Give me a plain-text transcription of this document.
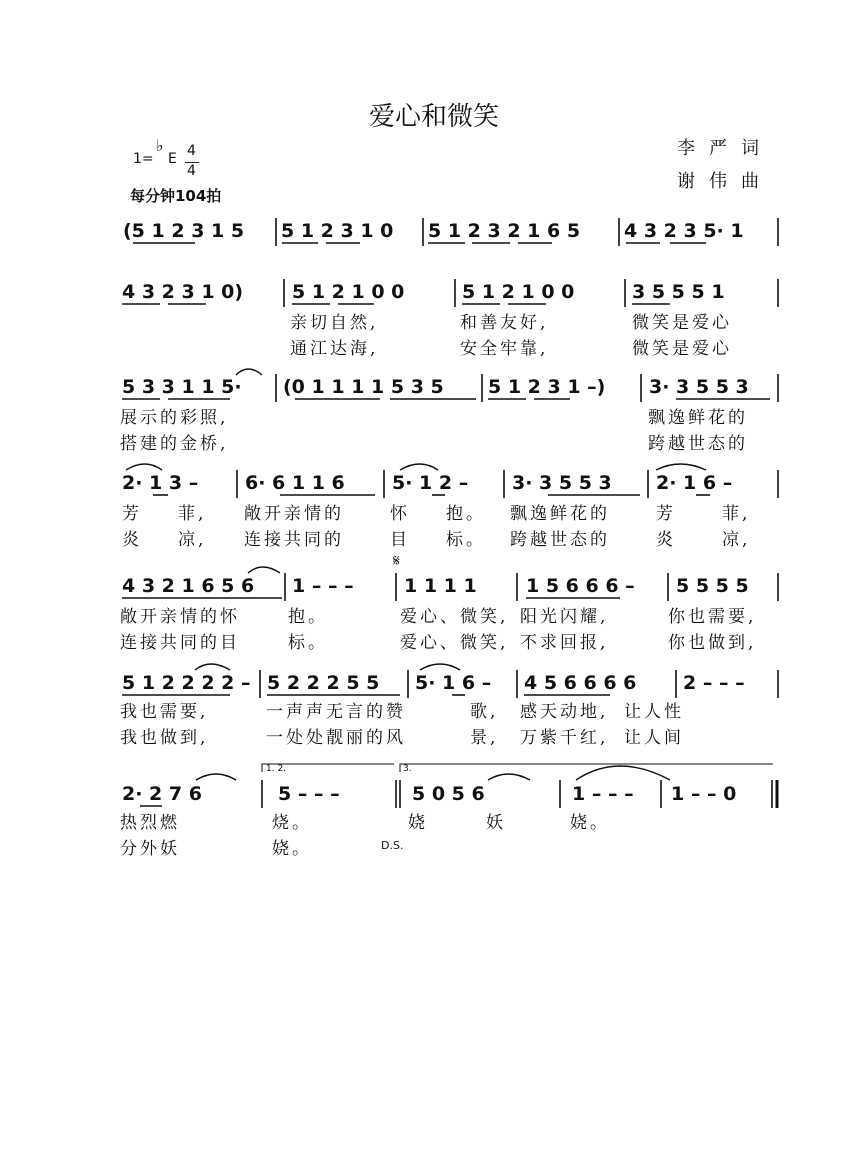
爱心和微笑
李严词
谢伟曲
1=
♭
E 4
4
每分钟104拍
(5 1 2 3 1 5 5 1 2 3 1 0 5 1 2 3 2 1 6 5 4 3 2 3 5· 1
4 3 2 3 1 0)	5 1 2 1 0 0	5 1 2 1 0 0	3 5 5 5 1
5 3 3 1 1 5· (0 1 1 1 1 5 3 5 5 1 2 3 1 –) 3· 3 5 5 3
2· 1 3 – 6· 6 1 1 6 5· 1 2 – 3· 3 5 5 3 2· 1 6 –
4 3 2 1 6 5 6 1 – – –	1 1 1 1	1 5 6 6 6 – 5 5 5 5
5 1 2 2 2 2 – 5 2 2 2 5 5 5· 1 6 – 4 5 6 6 6 6 2 – – –
2· 2 7 6	5 – – –	5 0 5 6	1 – – – 1 – – 0
𝄋
1. 2.	3.
D.S.
亲切自然,	和善友好,	微笑是爱心
通江达海,	安全牢靠,	微笑是爱心
展示的彩照,	飘逸鲜花的
搭建的金桥,	跨越世态的
芳 菲, 敞开亲情的	怀 抱。 飘逸鲜花的	芳	菲,
炎 凉, 连接共同的	目 标。 跨越世态的	炎	凉,
敞开亲情的怀	抱。	爱心、微笑, 阳光闪耀,	你也需要,
连接共同的目	标。	爱心、微笑, 不求回报,	你也做到,
我也需要,	一声声无言的赞	歌, 感天动地, 让人性
我也做到,	一处处靓丽的风	景, 万紫千红, 让人间
热烈燃	烧。	娆	妖	娆。
分外妖	娆。
